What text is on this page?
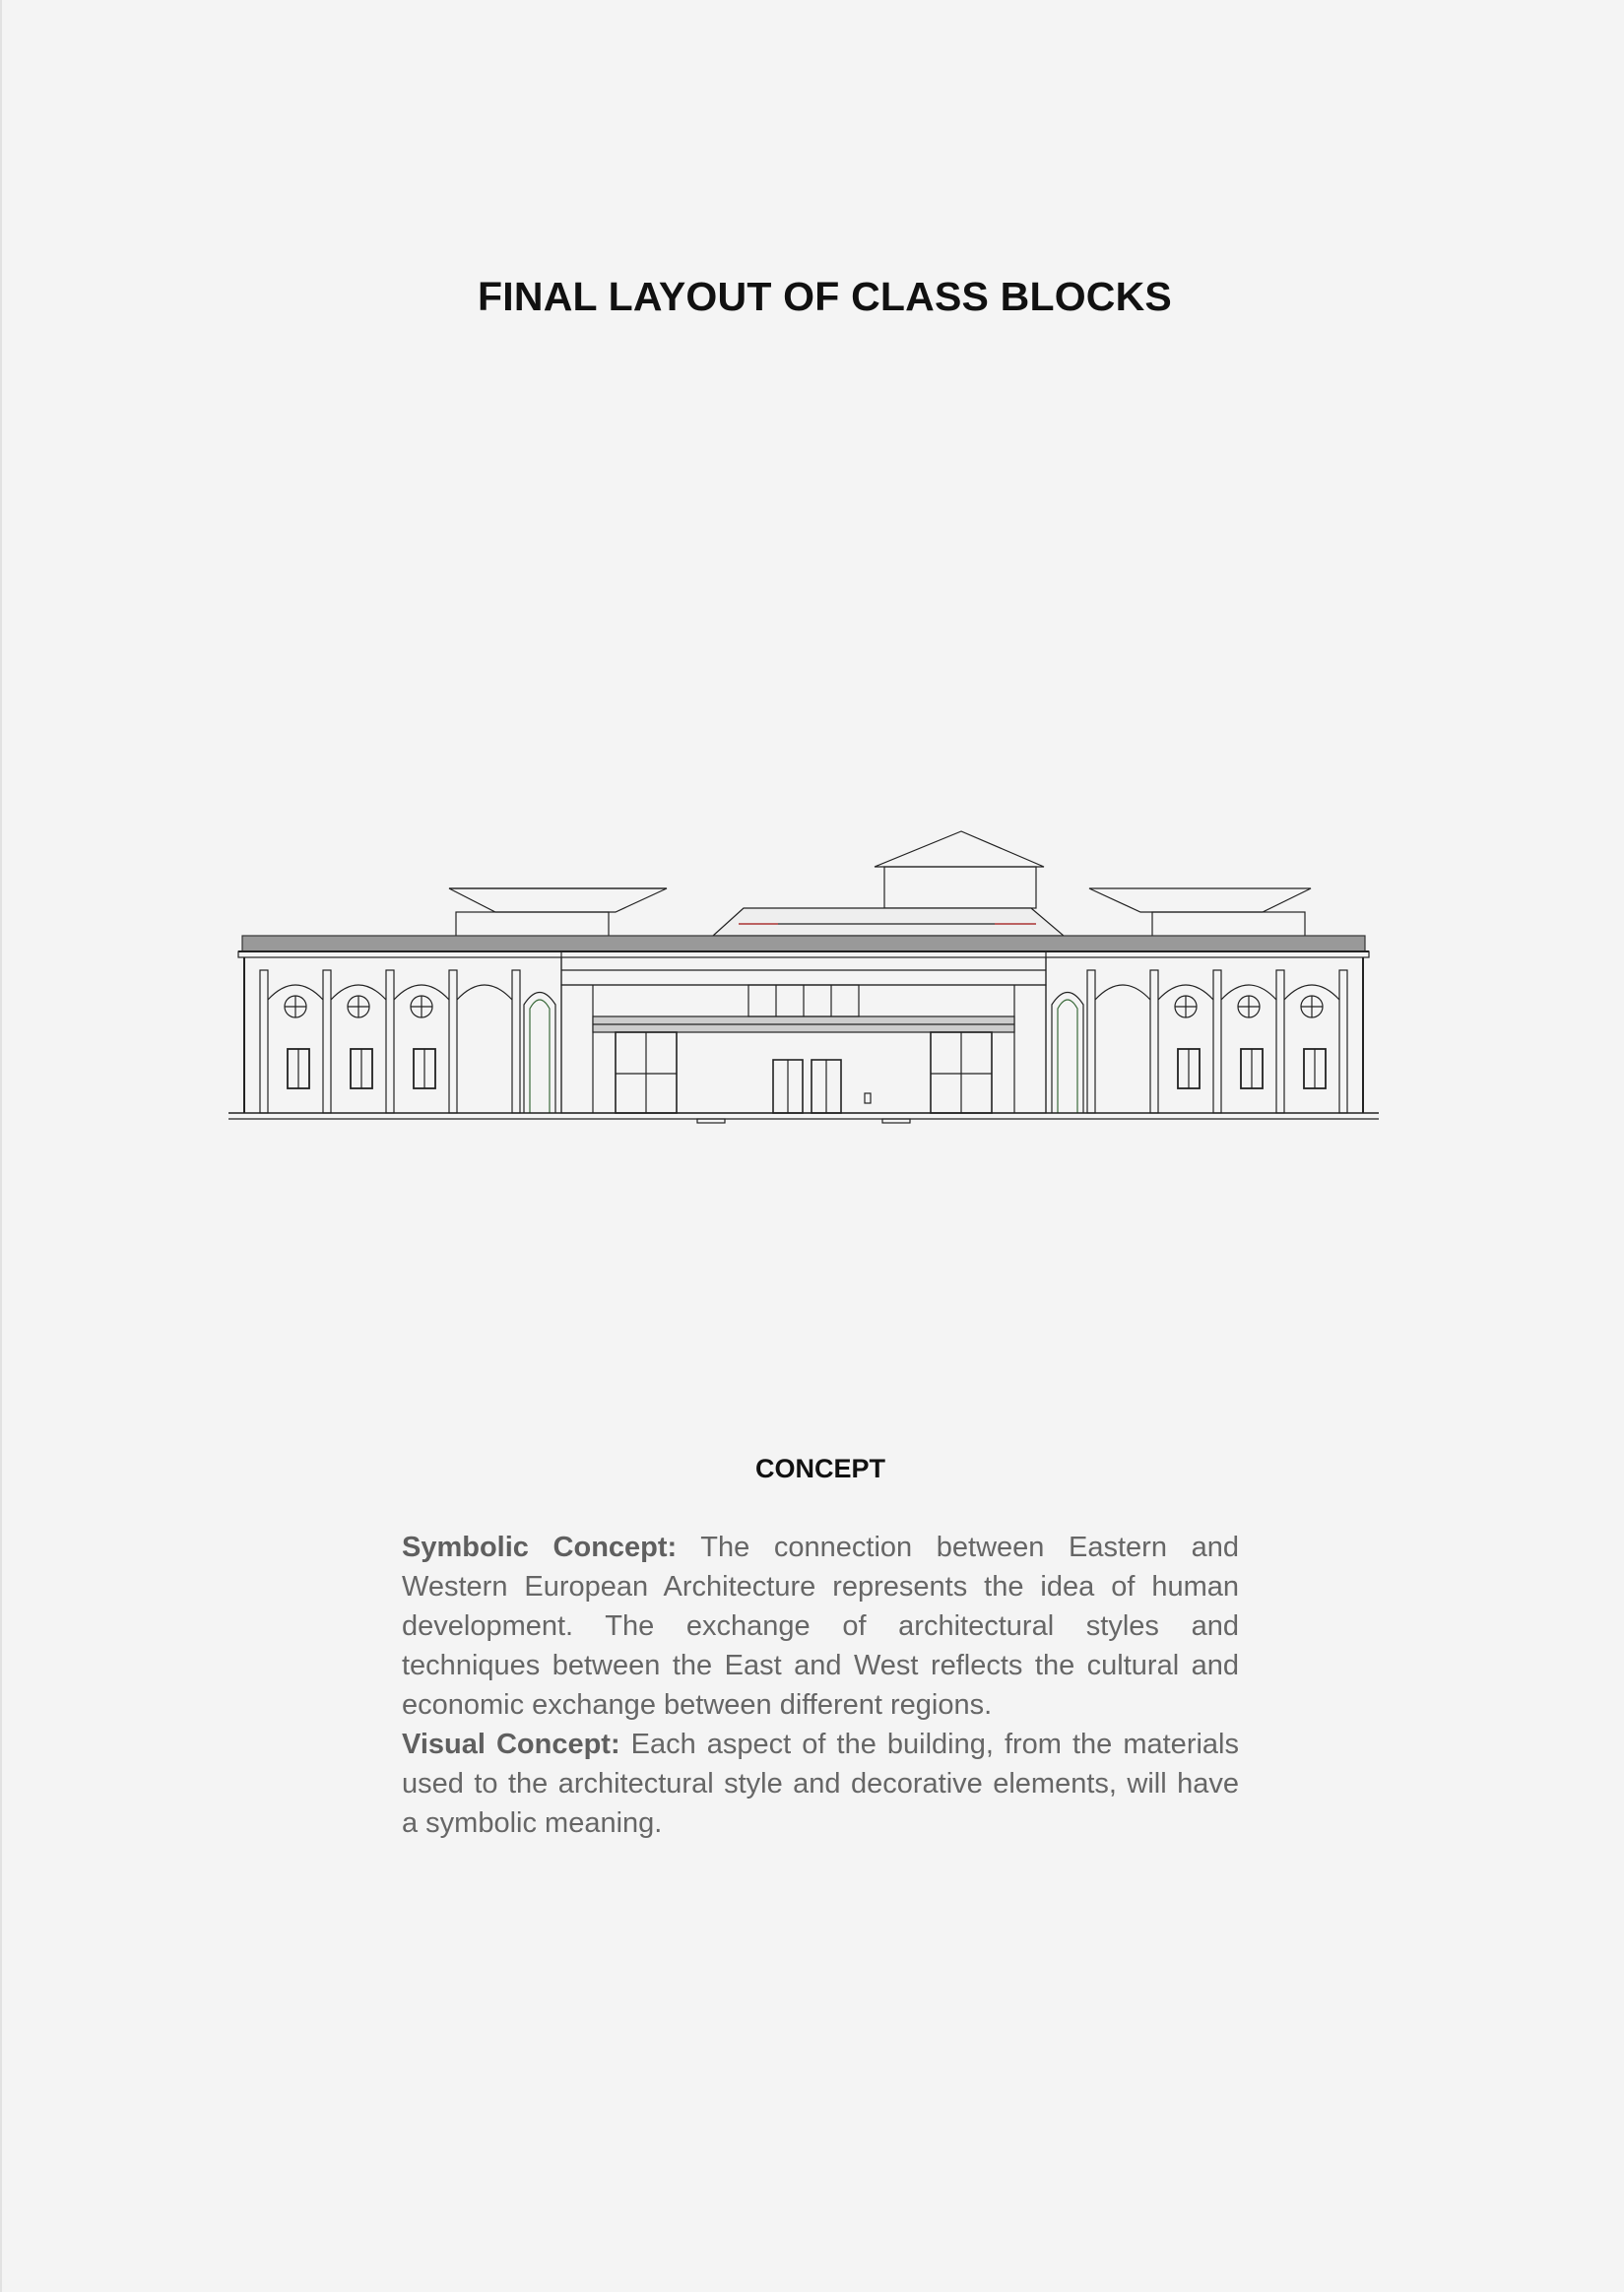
FINAL LAYOUT OF CLASS BLOCKS
CONCEPT

Symbolic Concept: The connection between Eastern and Western European Architecture represents the idea of human development. The exchange of architectural styles and techniques between the East and West reflects the cultural and economic exchange between different regions.

Visual Concept: Each aspect of the building, from the materials used to the architectural style and decorative elements, will have a symbolic meaning.
